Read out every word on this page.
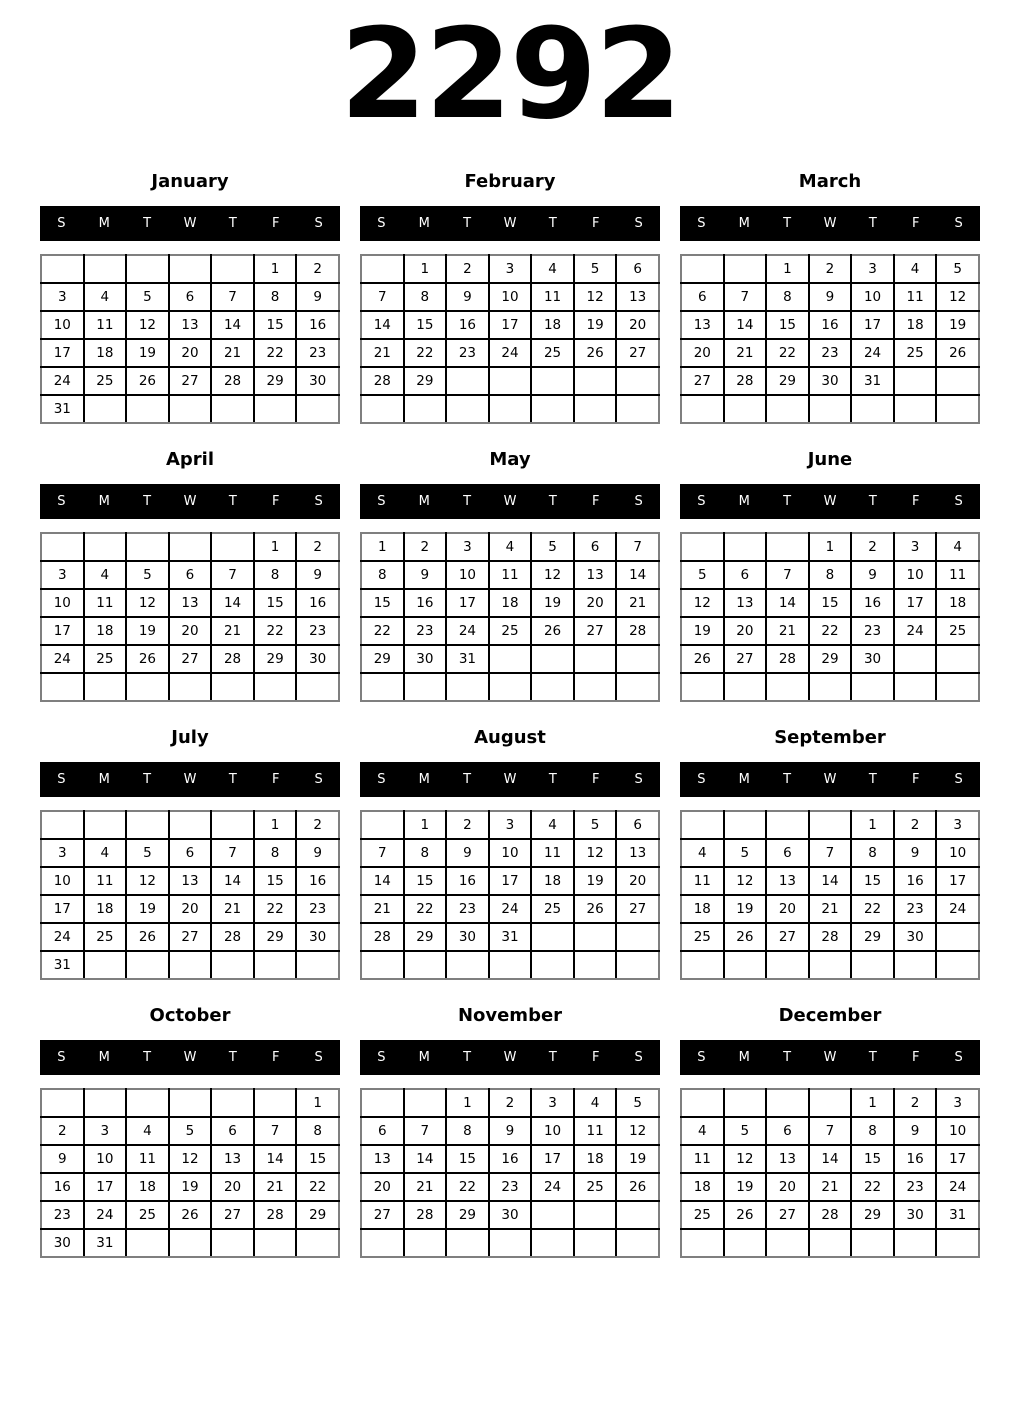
2292
January
S	M	T	W	T	F	S
					1	2
3	4	5	6	7	8	9
10	11	12	13	14	15	16
17	18	19	20	21	22	23
24	25	26	27	28	29	30
31						
February
S	M	T	W	T	F	S
	1	2	3	4	5	6
7	8	9	10	11	12	13
14	15	16	17	18	19	20
21	22	23	24	25	26	27
28	29					

March
S	M	T	W	T	F	S
		1	2	3	4	5
6	7	8	9	10	11	12
13	14	15	16	17	18	19
20	21	22	23	24	25	26
27	28	29	30	31		

April
S	M	T	W	T	F	S
					1	2
3	4	5	6	7	8	9
10	11	12	13	14	15	16
17	18	19	20	21	22	23
24	25	26	27	28	29	30

May
S	M	T	W	T	F	S
1	2	3	4	5	6	7
8	9	10	11	12	13	14
15	16	17	18	19	20	21
22	23	24	25	26	27	28
29	30	31				

June
S	M	T	W	T	F	S
			1	2	3	4
5	6	7	8	9	10	11
12	13	14	15	16	17	18
19	20	21	22	23	24	25
26	27	28	29	30		

July
S	M	T	W	T	F	S
					1	2
3	4	5	6	7	8	9
10	11	12	13	14	15	16
17	18	19	20	21	22	23
24	25	26	27	28	29	30
31						
August
S	M	T	W	T	F	S
	1	2	3	4	5	6
7	8	9	10	11	12	13
14	15	16	17	18	19	20
21	22	23	24	25	26	27
28	29	30	31			

September
S	M	T	W	T	F	S
				1	2	3
4	5	6	7	8	9	10
11	12	13	14	15	16	17
18	19	20	21	22	23	24
25	26	27	28	29	30	

October
S	M	T	W	T	F	S
						1
2	3	4	5	6	7	8
9	10	11	12	13	14	15
16	17	18	19	20	21	22
23	24	25	26	27	28	29
30	31					
November
S	M	T	W	T	F	S
		1	2	3	4	5
6	7	8	9	10	11	12
13	14	15	16	17	18	19
20	21	22	23	24	25	26
27	28	29	30			

December
S	M	T	W	T	F	S
				1	2	3
4	5	6	7	8	9	10
11	12	13	14	15	16	17
18	19	20	21	22	23	24
25	26	27	28	29	30	31
